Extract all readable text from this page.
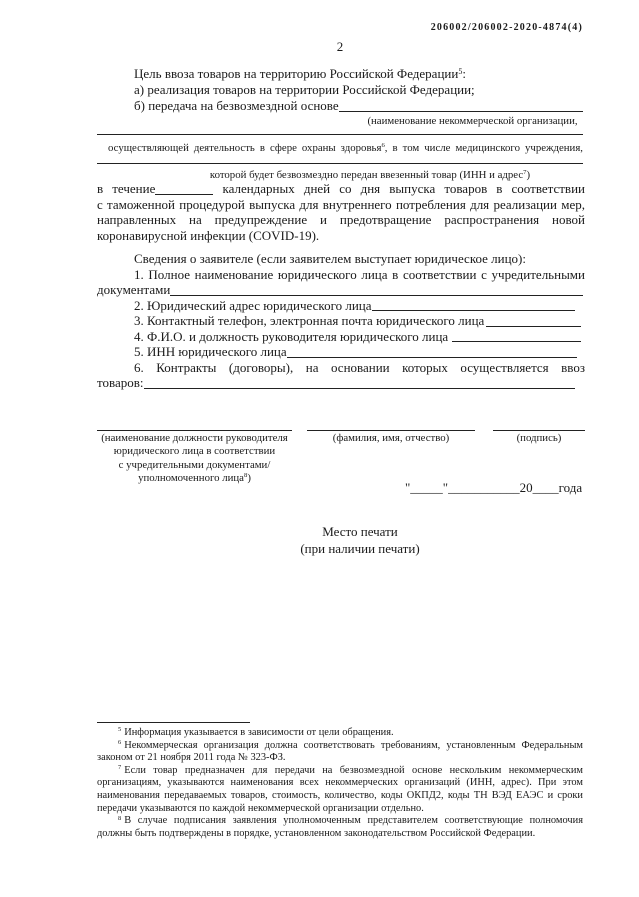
206002/206002-2020-4874(4)
2
Цель ввоза товаров на территорию Российской Федерации$^5$:
а) реализация товаров на территории Российской Федерации;
б) передача на безвозмездной основе
(наименование некоммерческой организации,
осуществляющей деятельность в сфере охраны здоровья$^6$, в том числе медицинского учреждения,
которой будет безвозмездно передан ввезенный товар (ИНН и адрес$^7$)
в течение	календарных дней со дня выпуска товаров в соответствии
с таможенной процедурой выпуска для внутреннего потребления для реализации мер,
направленных на предупреждение и предотвращение распространения новой
коронавирусной инфекции (COVID-19).
Сведения о заявителе (если заявителем выступает юридическое лицо):
1. Полное наименование юридического лица в соответствии с учредительными
документами
2. Юридический адрес юридического лица
3. Контактный телефон, электронная почта юридического лица
4. Ф.И.О. и должность руководителя юридического лица
5. ИНН юридического лица
6. Контракты (договоры), на основании которых осуществляется ввоз
товаров:
(наименование должности руководителя
юридического лица в соответствии
с учредительными документами/
уполномоченного лица$^8$)
(фамилия, имя, отчество)	(подпись)
"_____"___________20____года
Место печати
(при наличии печати)
$^5$ Информация указывается в зависимости от цели обращения.
$^6$ Некоммерческая организация должна соответствовать требованиям, установленным Федеральным
законом от 21 ноября 2011 года № 323-ФЗ.
$^7$ Если товар предназначен для передачи на безвозмездной основе нескольким некоммерческим
организациям, указываются наименования всех некоммерческих организаций (ИНН, адрес). При этом
наименования передаваемых товаров, стоимость, количество, коды ОКПД2, коды ТН ВЭД ЕАЭС и сроки
передачи указываются по каждой некоммерческой организации отдельно.
$^8$ В случае подписания заявления уполномоченным представителем соответствующие полномочия
должны быть подтверждены в порядке, установленном законодательством Российской Федерации.
